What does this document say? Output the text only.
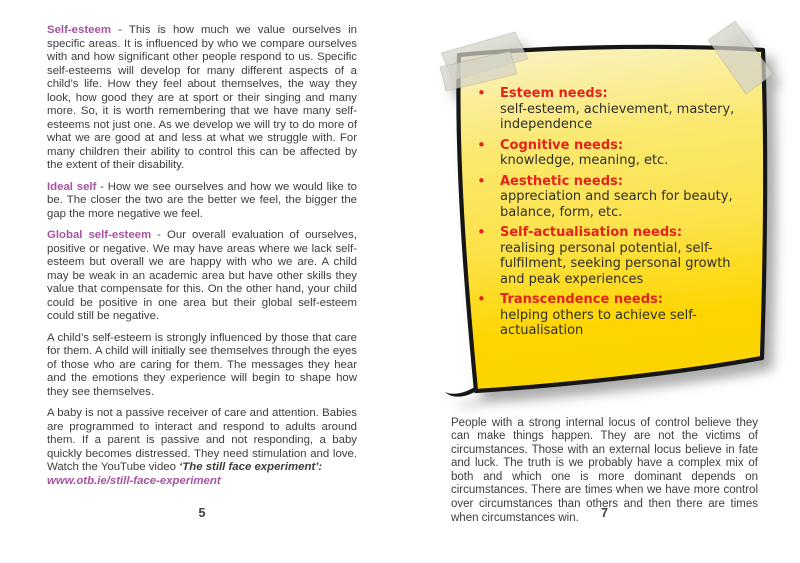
Self-esteem - This is how much we value ourselves in specific areas. It is influenced by who we compare ourselves with and how significant other people respond to us. Specific self-esteems will develop for many different aspects of a child’s life. How they feel about themselves, the way they look, how good they are at sport or their singing and many more. So, it is worth remembering that we have many self-esteems not just one. As we develop we will try to do more of what we are good at and less at what we struggle with. For many children their ability to control this can be affected by the extent of their disability.

Ideal self - How we see ourselves and how we would like to be. The closer the two are the better we feel, the bigger the gap the more negative we feel.

Global self-esteem - Our overall evaluation of ourselves, positive or negative. We may have areas where we lack self-esteem but overall we are happy with who we are. A child may be weak in an academic area but have other skills they value that compensate for this. On the other hand, your child could be positive in one area but their global self-esteem could still be negative.

A child’s self-esteem is strongly influenced by those that care for them. A child will initially see themselves through the eyes of those who are caring for them. The messages they hear and the emotions they experience will begin to shape how they see themselves.

A baby is not a passive receiver of care and attention. Babies are programmed to interact and respond to adults around them. If a parent is passive and not responding, a baby quickly becomes distressed. They need stimulation and love. Watch the YouTube video ‘The still face experiment’:
www.otb.ie/still-face-experiment

5
•	Esteem needs:
self-esteem, achievement, mastery, independence
•	Cognitive needs:
knowledge, meaning, etc.
•	Aesthetic needs:
appreciation and search for beauty, balance, form, etc.
•	Self-actualisation needs:
realising personal potential, self-fulfilment, seeking personal growth and peak experiences
•	Transcendence needs:
helping others to achieve self-actualisation

People with a strong internal locus of control believe they can make things happen. They are not the victims of circumstances. Those with an external locus believe in fate and luck. The truth is we probably have a complex mix of both and which one is more dominant depends on circumstances. There are times when we have more control over circumstances than others and then there are times when circumstances win.	7
